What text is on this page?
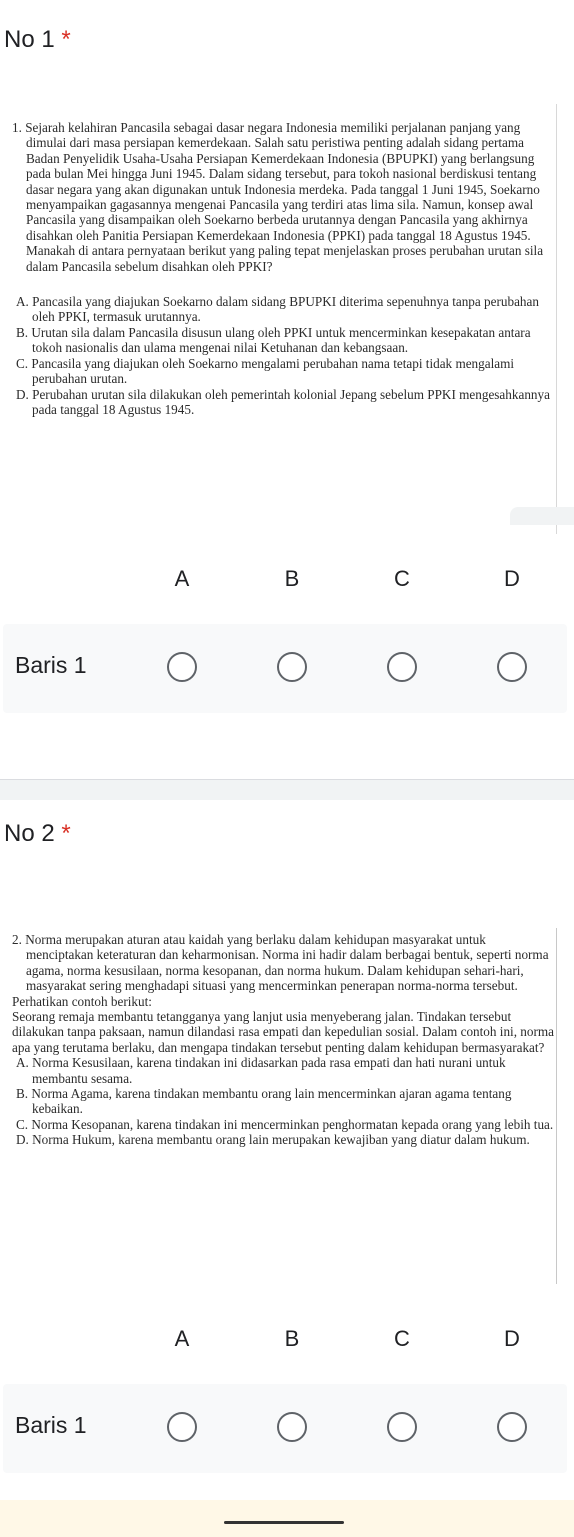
No 1 *

1. Sejarah kelahiran Pancasila sebagai dasar negara Indonesia memiliki perjalanan panjang yang dimulai dari masa persiapan kemerdekaan. Salah satu peristiwa penting adalah sidang pertama Badan Penyelidik Usaha-Usaha Persiapan Kemerdekaan Indonesia (BPUPKI) yang berlangsung pada bulan Mei hingga Juni 1945. Dalam sidang tersebut, para tokoh nasional berdiskusi tentang dasar negara yang akan digunakan untuk Indonesia merdeka. Pada tanggal 1 Juni 1945, Soekarno menyampaikan gagasannya mengenai Pancasila yang terdiri atas lima sila. Namun, konsep awal Pancasila yang disampaikan oleh Soekarno berbeda urutannya dengan Pancasila yang akhirnya disahkan oleh Panitia Persiapan Kemerdekaan Indonesia (PPKI) pada tanggal 18 Agustus 1945. Manakah di antara pernyataan berikut yang paling tepat menjelaskan proses perubahan urutan sila dalam Pancasila sebelum disahkan oleh PPKI?

A. Pancasila yang diajukan Soekarno dalam sidang BPUPKI diterima sepenuhnya tanpa perubahan oleh PPKI, termasuk urutannya.

B. Urutan sila dalam Pancasila disusun ulang oleh PPKI untuk mencerminkan kesepakatan antara tokoh nasionalis dan ulama mengenai nilai Ketuhanan dan kebangsaan.

C. Pancasila yang diajukan oleh Soekarno mengalami perubahan nama tetapi tidak mengalami perubahan urutan.

D. Perubahan urutan sila dilakukan oleh pemerintah kolonial Jepang sebelum PPKI mengesahkannya pada tanggal 18 Agustus 1945.

A	B	C	D
Baris 1
No 2 *

2. Norma merupakan aturan atau kaidah yang berlaku dalam kehidupan masyarakat untuk menciptakan keteraturan dan keharmonisan. Norma ini hadir dalam berbagai bentuk, seperti norma agama, norma kesusilaan, norma kesopanan, dan norma hukum. Dalam kehidupan sehari-hari, masyarakat sering menghadapi situasi yang mencerminkan penerapan norma-norma tersebut.

Perhatikan contoh berikut:

Seorang remaja membantu tetangganya yang lanjut usia menyeberang jalan. Tindakan tersebut dilakukan tanpa paksaan, namun dilandasi rasa empati dan kepedulian sosial. Dalam contoh ini, norma apa yang terutama berlaku, dan mengapa tindakan tersebut penting dalam kehidupan bermasyarakat?

A. Norma Kesusilaan, karena tindakan ini didasarkan pada rasa empati dan hati nurani untuk membantu sesama.

B. Norma Agama, karena tindakan membantu orang lain mencerminkan ajaran agama tentang kebaikan.

C. Norma Kesopanan, karena tindakan ini mencerminkan penghormatan kepada orang yang lebih tua.

D. Norma Hukum, karena membantu orang lain merupakan kewajiban yang diatur dalam hukum.

A	B	C	D
Baris 1
